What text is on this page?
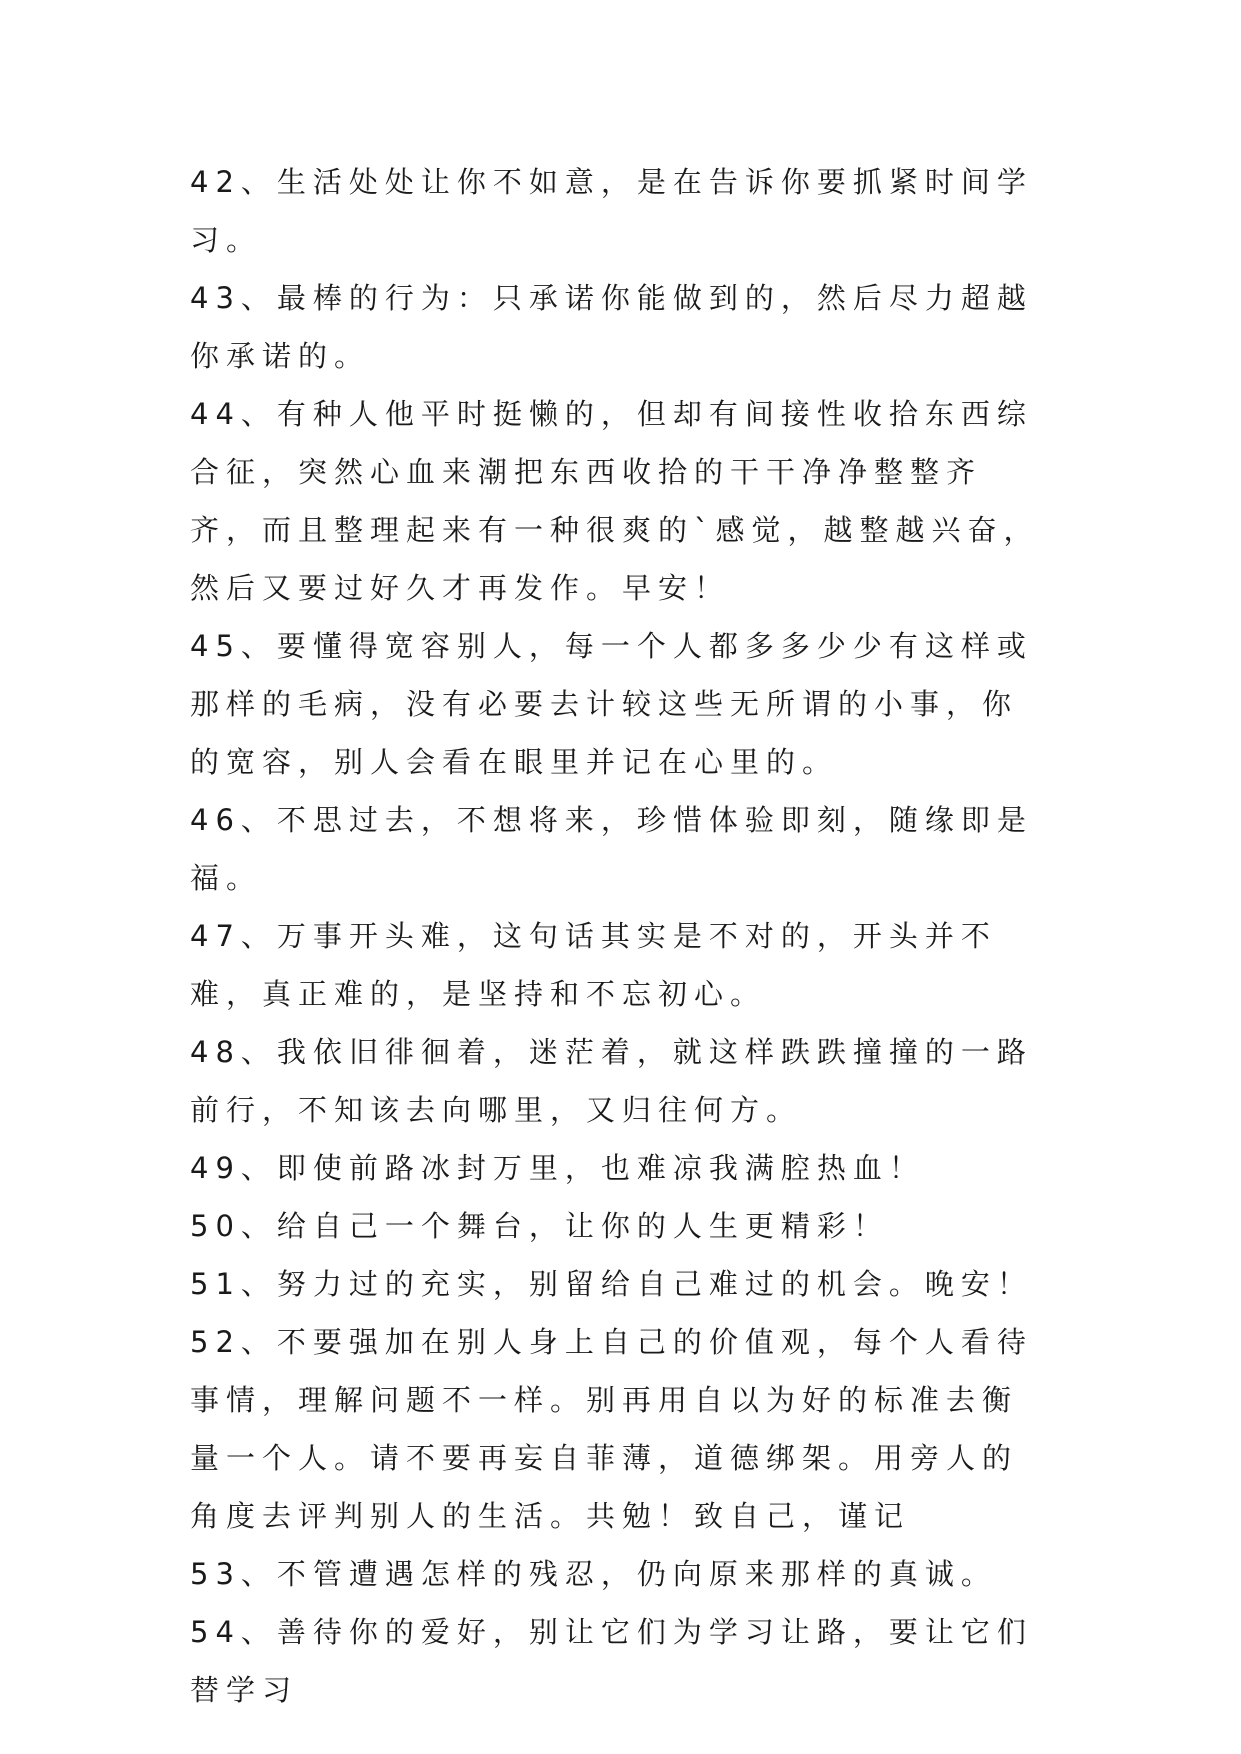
42、生活处处让你不如意，是在告诉你要抓紧时间学习。

43、最棒的行为：只承诺你能做到的，然后尽力超越你承诺的。

44、有种人他平时挺懒的，但却有间接性收拾东西综合征，突然心血来潮把东西收拾的干干净净整整齐齐，而且整理起来有一种很爽的`感觉，越整越兴奋，然后又要过好久才再发作。早安！

45、要懂得宽容别人，每一个人都多多少少有这样或那样的毛病，没有必要去计较这些无所谓的小事，你的宽容，别人会看在眼里并记在心里的。

46、不思过去，不想将来，珍惜体验即刻，随缘即是福。

47、万事开头难，这句话其实是不对的，开头并不难，真正难的，是坚持和不忘初心。

48、我依旧徘徊着，迷茫着，就这样跌跌撞撞的一路前行，不知该去向哪里，又归往何方。

49、即使前路冰封万里，也难凉我满腔热血！

50、给自己一个舞台，让你的人生更精彩！

51、努力过的充实，别留给自己难过的机会。晚安！

52、不要强加在别人身上自己的价值观，每个人看待事情，理解问题不一样。别再用自以为好的标准去衡量一个人。请不要再妄自菲薄，道德绑架。用旁人的角度去评判别人的生活。共勉！致自己，谨记

53、不管遭遇怎样的残忍，仍向原来那样的真诚。

54、善待你的爱好，别让它们为学习让路，要让它们替学习
